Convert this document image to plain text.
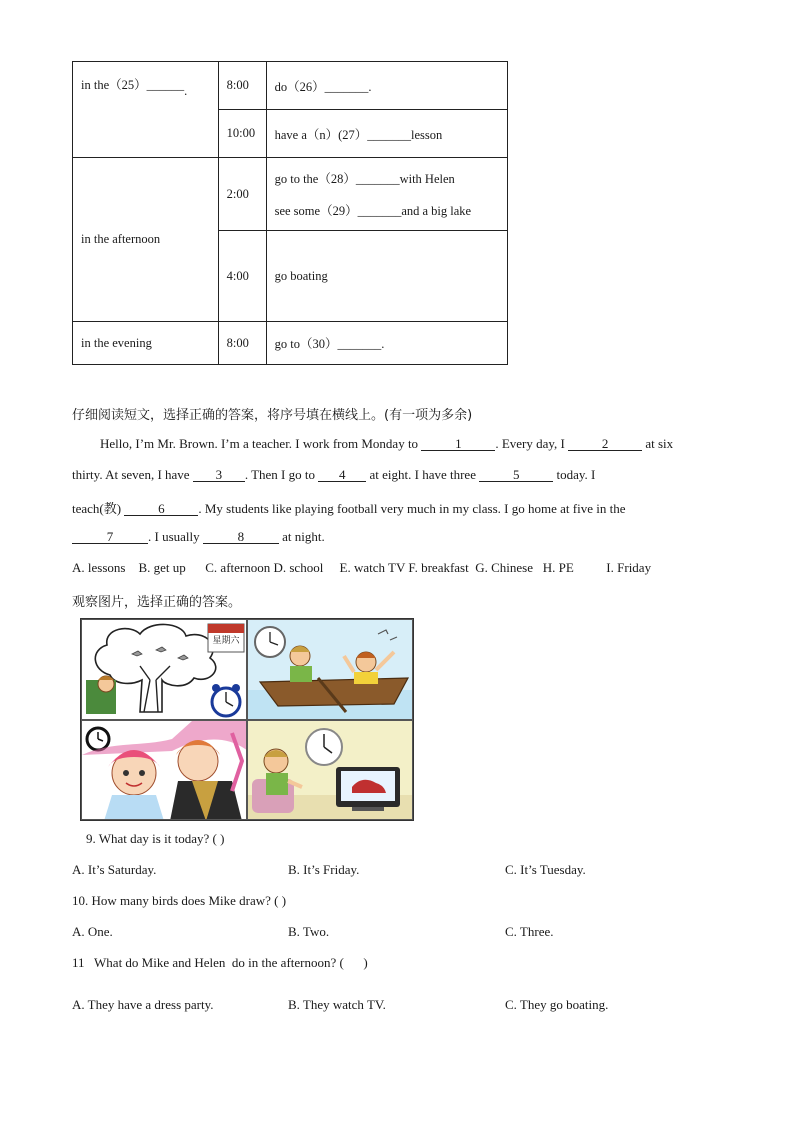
in the（25）______.	8:00	do（26）_______.
	10:00	have a（n）(27）_______lesson
in the afternoon	2:00	go to the（28）_______with Helen
see some（29）_______and a big lake

	4:00	go boating
in the evening	8:00	go to（30）_______.
仔细阅读短文，选择正确的答案，将序号填在横线上。(有一项为多余)
Hello, I’m Mr. Brown. I’m a teacher. I work from Monday to	1	. Every day, I	2	at six
thirty. At seven, I have 3 . Then I go to 4 at eight. I have three	5	today. I
teach(教)	6	. My students like playing football very much in my class. I go home at five in the
7	. I usually	8	at night.
A. lessons    B. get up      C. afternoon D. school     E. watch TV F. breakfast  G. Chinese   H. PE          I. Friday
观察图片，选择正确的答案。
星期六
9. What day is it today? ( )
A. It’s Saturday.	B. It’s Friday.	C. It’s Tuesday.
10. How many birds does Mike draw? ( )
A. One.	B. Two.	C. Three.
11   What do Mike and Helen  do in the afternoon? (      )
A. They have a dress party.	B. They watch TV.	C. They go boating.
